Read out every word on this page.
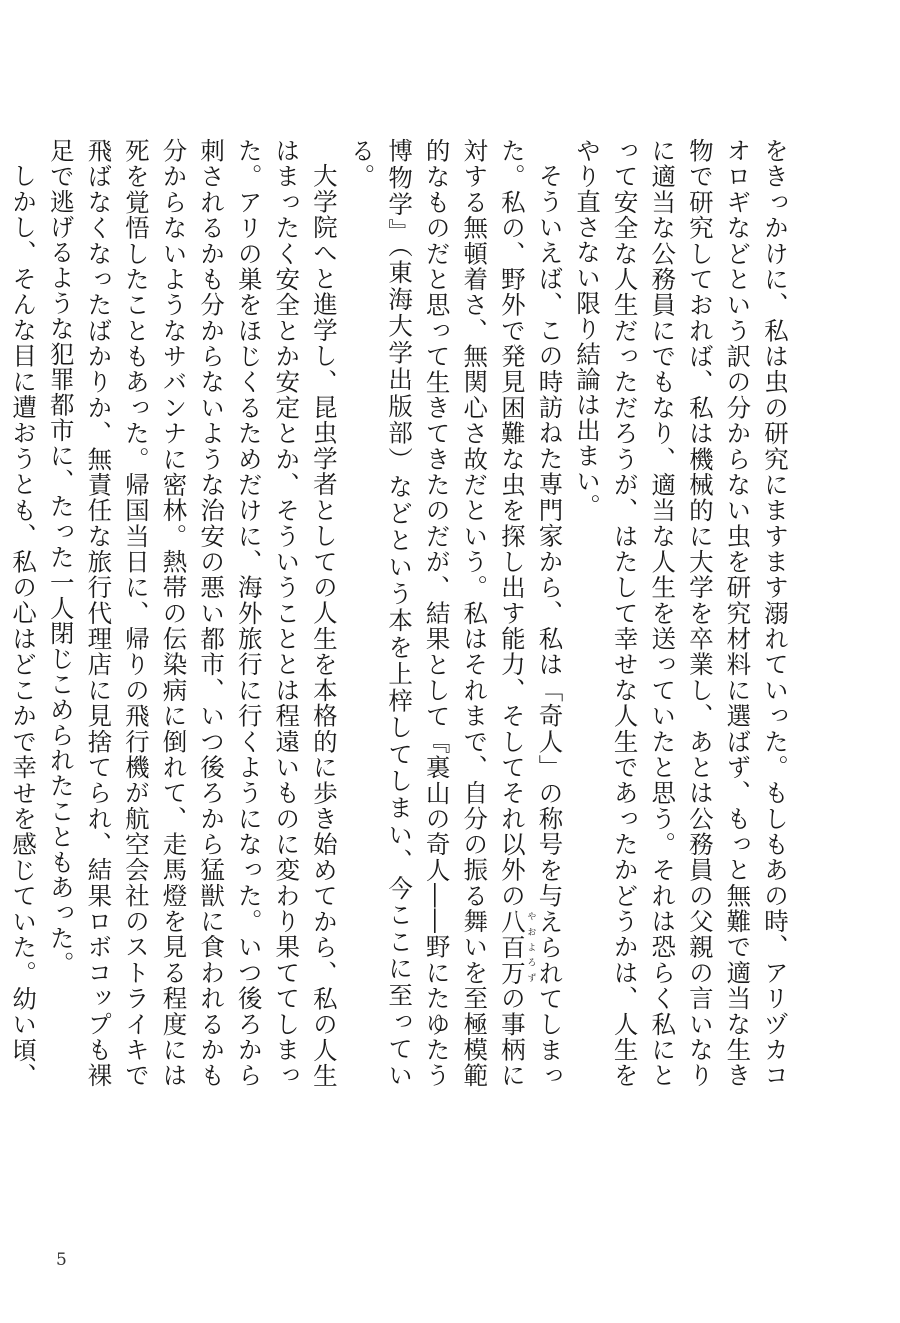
をきっかけに、私は虫の研究にますます溺れていった。もしもあの時、アリヅカコオロギなどという訳の分からない虫を研究材料に選ばず、もっと無難で適当な生き物で研究しておれば、私は機械的に大学を卒業し、あとは公務員の父親の言いなりに適当な公務員にでもなり、適当な人生を送っていたと思う。それは恐らく私にとって安全な人生だっただろうが、はたして幸せな人生であったかどうかは、人生をやり直さない限り結論は出まい。

そういえば、この時訪ねた専門家から、私は「奇人」の称号を与えられてしまった。私の、野外で発見困難な虫を探し出す能力、そしてそれ以外の八百万やおよろずの事柄に対する無頓着さ、無関心さ故だという。私はそれまで、自分の振る舞いを至極模範的なものだと思って生きてきたのだが、結果として『裏山の奇人――野にたゆたう博物学』（東海大学出版部）などという本を上梓してしまい、今ここに至っている。

大学院へと進学し、昆虫学者としての人生を本格的に歩き始めてから、私の人生はまったく安全とか安定とか、そういうこととは程遠いものに変わり果ててしまった。アリの巣をほじくるためだけに、海外旅行に行くようになった。いつ後ろから刺されるかも分からないような治安の悪い都市、いつ後ろから猛獣に食われるかも分からないようなサバンナに密林。熱帯の伝染病に倒れて、走馬燈を見る程度には死を覚悟したこともあった。帰国当日に、帰りの飛行機が航空会社のストライキで飛ばなくなったばかりか、無責任な旅行代理店に見捨てられ、結果ロボコップも裸足で逃げるような犯罪都市に、たった一人閉じこめられたこともあった。

しかし、そんな目に遭おうとも、私の心はどこかで幸せを感じていた。幼い頃、

5
